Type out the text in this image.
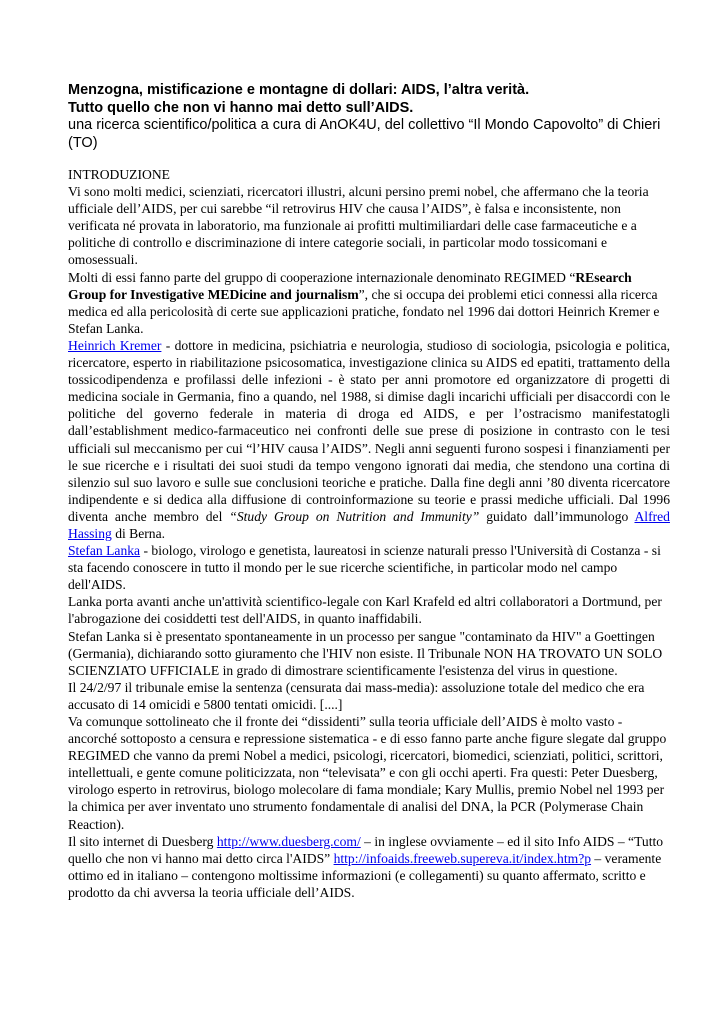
Menzogna, mistificazione e montagne di dollari: AIDS, l’altra verità.
Tutto quello che non vi hanno mai detto sull’AIDS.
una ricerca scientifico/politica a cura di AnOK4U, del collettivo “Il Mondo Capovolto” di Chieri (TO)

INTRODUZIONE

Vi sono molti medici, scienziati, ricercatori illustri, alcuni persino premi nobel, che affermano che la teoria ufficiale dell’AIDS, per cui sarebbe “il retrovirus HIV che causa l’AIDS”, è falsa e inconsistente, non verificata né provata in laboratorio, ma funzionale ai profitti multimiliardari delle case farmaceutiche e a politiche di controllo e discriminazione di intere categorie sociali, in particolar modo tossicomani e omosessuali.

Molti di essi fanno parte del gruppo di cooperazione internazionale denominato REGIMED “REsearch Group for Investigative MEDicine and journalism”, che si occupa dei problemi etici connessi alla ricerca medica ed alla pericolosità di certe sue applicazioni pratiche, fondato nel 1996 dai dottori Heinrich Kremer e Stefan Lanka.

Heinrich Kremer - dottore in medicina, psichiatria e neurologia, studioso di sociologia, psicologia e politica, ricercatore, esperto in riabilitazione psicosomatica, investigazione clinica su AIDS ed epatiti, trattamento della tossicodipendenza e profilassi delle infezioni - è stato per anni promotore ed organizzatore di progetti di medicina sociale in Germania, fino a quando, nel 1988, si dimise dagli incarichi ufficiali per disaccordi con le politiche del governo federale in materia di droga ed AIDS, e per l’ostracismo manifestatogli dall’establishment medico-farmaceutico nei confronti delle sue prese di posizione in contrasto con le tesi ufficiali sul meccanismo per cui “l’HIV causa l’AIDS”. Negli anni seguenti furono sospesi i finanziamenti per le sue ricerche e i risultati dei suoi studi da tempo vengono ignorati dai media, che stendono una cortina di silenzio sul suo lavoro e sulle sue conclusioni teoriche e pratiche. Dalla fine degli anni ’80 diventa ricercatore indipendente e si dedica alla diffusione di controinformazione su teorie e prassi mediche ufficiali. Dal 1996 diventa anche membro del “Study Group on Nutrition and Immunity” guidato dall’immunologo Alfred Hassing di Berna.

Stefan Lanka - biologo, virologo e genetista, laureatosi in scienze naturali presso l'Università di Costanza - si sta facendo conoscere in tutto il mondo per le sue ricerche scientifiche, in particolar modo nel campo dell'AIDS.

Lanka porta avanti anche un'attività scientifico-legale con Karl Krafeld ed altri collaboratori a Dortmund, per l'abrogazione dei cosiddetti test dell'AIDS, in quanto inaffidabili.

Stefan Lanka si è presentato spontaneamente in un processo per sangue "contaminato da HIV" a Goettingen (Germania), dichiarando sotto giuramento che l'HIV non esiste. Il Tribunale NON HA TROVATO UN SOLO SCIENZIATO UFFICIALE in grado di dimostrare scientificamente l'esistenza del virus in questione.

Il 24/2/97 il tribunale emise la sentenza (censurata dai mass-media): assoluzione totale del medico che era accusato di 14 omicidi e 5800 tentati omicidi. [....]

Va comunque sottolineato che il fronte dei “dissidenti” sulla teoria ufficiale dell’AIDS è molto vasto - ancorché sottoposto a censura e repressione sistematica - e di esso fanno parte anche figure slegate dal gruppo REGIMED che vanno da premi Nobel a medici, psicologi, ricercatori, biomedici, scienziati, politici, scrittori, intellettuali, e gente comune politicizzata, non “televisata” e con gli occhi aperti. Fra questi: Peter Duesberg, virologo esperto in retrovirus, biologo molecolare di fama mondiale; Kary Mullis, premio Nobel nel 1993 per la chimica per aver inventato uno strumento fondamentale di analisi del DNA, la PCR (Polymerase Chain Reaction).

Il sito internet di Duesberg http://www.duesberg.com/ – in inglese ovviamente – ed il sito Info AIDS – “Tutto quello che non vi hanno mai detto circa l'AIDS” http://infoaids.freeweb.supereva.it/index.htm?p – veramente ottimo ed in italiano – contengono moltissime informazioni (e collegamenti) su quanto affermato, scritto e prodotto da chi avversa la teoria ufficiale dell’AIDS.
